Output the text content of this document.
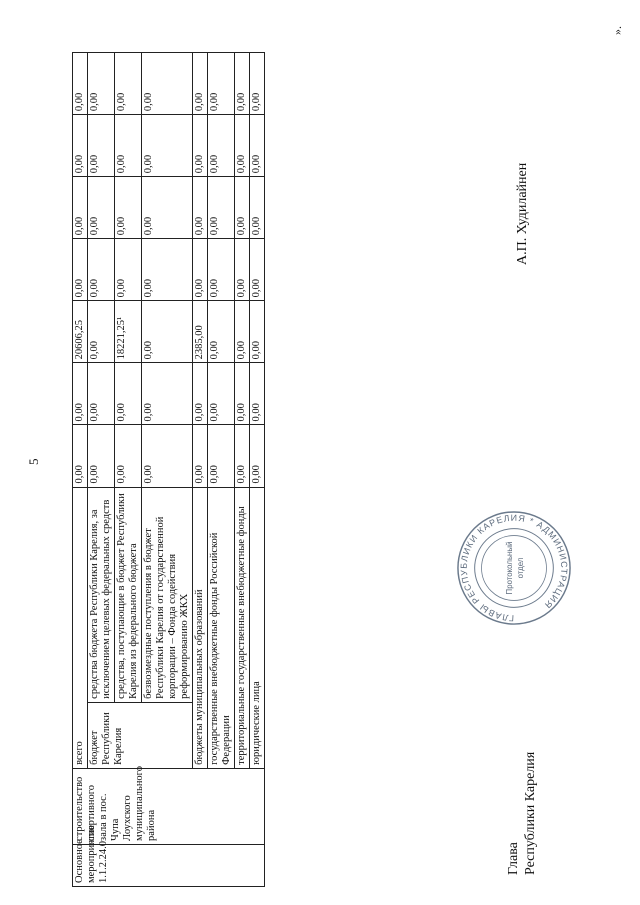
5
Основное мероприятие 1.1.2.24.0	строительство спортивного зала в пос. Чупа Лоухского муниципального района	всего		0,00	0,00	20606,25	0,00	0,00	0,00	0,00
		бюджет Республики Карелия	средства бюджета Республики Карелия, за исключением целевых федеральных средств	0,00	0,00	0,00	0,00	0,00	0,00	0,00
			средства, поступающие в бюджет Республики Карелия из федерального бюджета	0,00	0,00	18221,25¹	0,00	0,00	0,00	0,00
			безвозмездные поступления в бюджет Республики Карелия от государственной корпорации – Фонда содействия реформированию ЖКХ	0,00	0,00	0,00	0,00	0,00	0,00	0,00
		бюджеты муниципальных образований		0,00	0,00	2385,00	0,00	0,00	0,00	0,00
		государственные внебюджетные фонды Российской Федерации		0,00	0,00	0,00	0,00	0,00	0,00	0,00
		территориальные государственные внебюджетные фонды		0,00	0,00	0,00	0,00	0,00	0,00	0,00
		юридические лица		0,00	0,00	0,00	0,00	0,00	0,00	0,00
».
Глава Республики Карелия
А.П. Худилайнен
ГЛАВЫ РЕСПУБЛИКИ КАРЕЛИЯ * АДМИНИСТРАЦИЯ
Протокольный отдел
